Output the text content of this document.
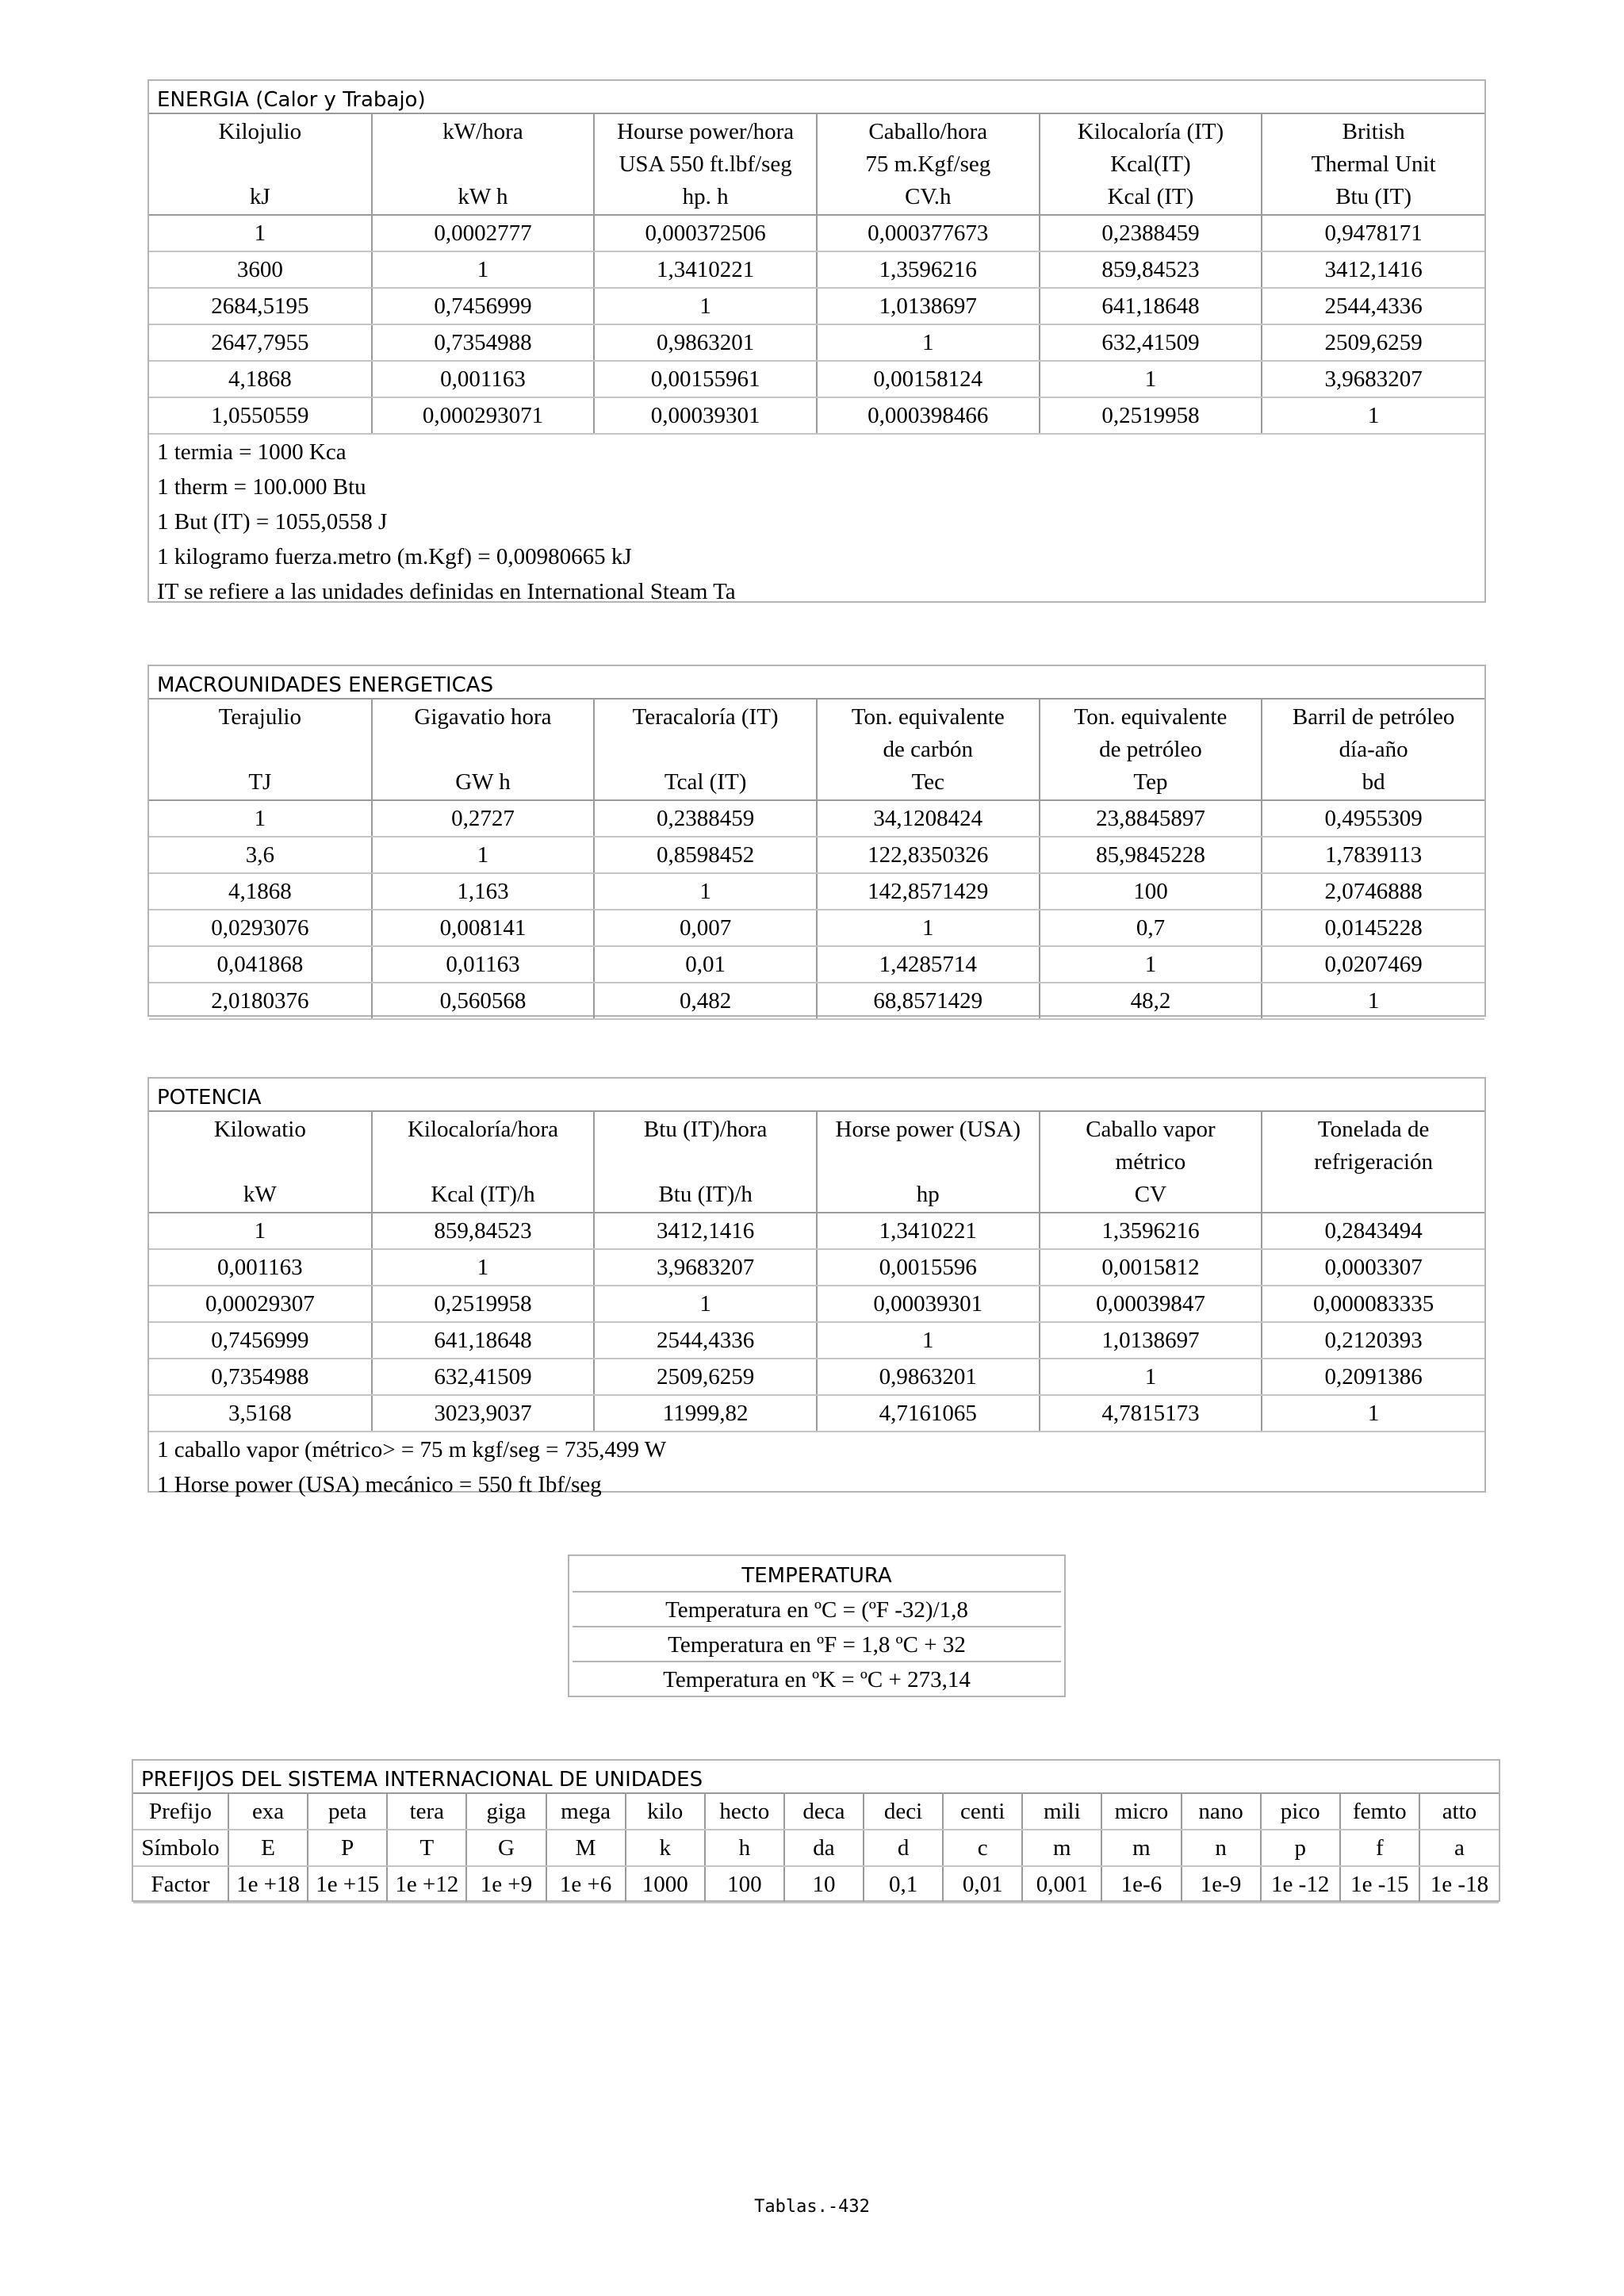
ENERGIA (Calor y Trabajo)
Kilojulio	kW/hora	Hourse power/hora	Caballo/hora	Kilocaloría (IT)	British
		USA 550 ft.lbf/seg	75 m.Kgf/seg	Kcal(IT)	Thermal Unit
kJ	kW h	hp. h	CV.h	Kcal (IT)	Btu (IT)
1	0,0002777	0,000372506	0,000377673	0,2388459	0,9478171
3600	1	1,3410221	1,3596216	859,84523	3412,1416
2684,5195	0,7456999	1	1,0138697	641,18648	2544,4336
2647,7955	0,7354988	0,9863201	1	632,41509	2509,6259
4,1868	0,001163	0,00155961	0,00158124	1	3,9683207
1,0550559	0,000293071	0,00039301	0,000398466	0,2519958	1
1 termia = 1000 Kca
1 therm = 100.000 Btu
1 But (IT) = 1055,0558 J
1 kilogramo fuerza.metro (m.Kgf) = 0,00980665 kJ
IT se refiere a las unidades definidas en International Steam Ta
MACROUNIDADES ENERGETICAS
Terajulio	Gigavatio hora	Teracaloría (IT)	Ton. equivalente	Ton. equivalente	Barril de petróleo
			de carbón	de petróleo	día-año
TJ	GW h	Tcal (IT)	Tec	Tep	bd
1	0,2727	0,2388459	34,1208424	23,8845897	0,4955309
3,6	1	0,8598452	122,8350326	85,9845228	1,7839113
4,1868	1,163	1	142,8571429	100	2,0746888
0,0293076	0,008141	0,007	1	0,7	0,0145228
0,041868	0,01163	0,01	1,4285714	1	0,0207469
2,0180376	0,560568	0,482	68,8571429	48,2	1
POTENCIA
Kilowatio	Kilocaloría/hora	Btu (IT)/hora	Horse power (USA)	Caballo vapor	Tonelada de
				métrico	refrigeración
kW	Kcal (IT)/h	Btu (IT)/h	hp	CV	
1	859,84523	3412,1416	1,3410221	1,3596216	0,2843494
0,001163	1	3,9683207	0,0015596	0,0015812	0,0003307
0,00029307	0,2519958	1	0,00039301	0,00039847	0,000083335
0,7456999	641,18648	2544,4336	1	1,0138697	0,2120393
0,7354988	632,41509	2509,6259	0,9863201	1	0,2091386
3,5168	3023,9037	11999,82	4,7161065	4,7815173	1
1 caballo vapor (métrico> = 75 m kgf/seg = 735,499 W
1 Horse power (USA) mecánico = 550 ft Ibf/seg
TEMPERATURA
Temperatura en ºC = (ºF -32)/1,8
Temperatura en ºF = 1,8 ºC + 32
Temperatura en ºK = ºC + 273,14
PREFIJOS DEL SISTEMA INTERNACIONAL DE UNIDADES
Prefijo	exa	peta	tera	giga	mega	kilo	hecto	deca	deci	centi	mili	micro	nano	pico	femto	atto
Símbolo	E	P	T	G	M	k	h	da	d	c	m	m	n	p	f	a
Factor	1e +18	1e +15	1e +12	1e +9	1e +6	1000	100	10	0,1	0,01	0,001	1e-6	1e-9	1e -12	1e -15	1e -18
Tablas.-432
